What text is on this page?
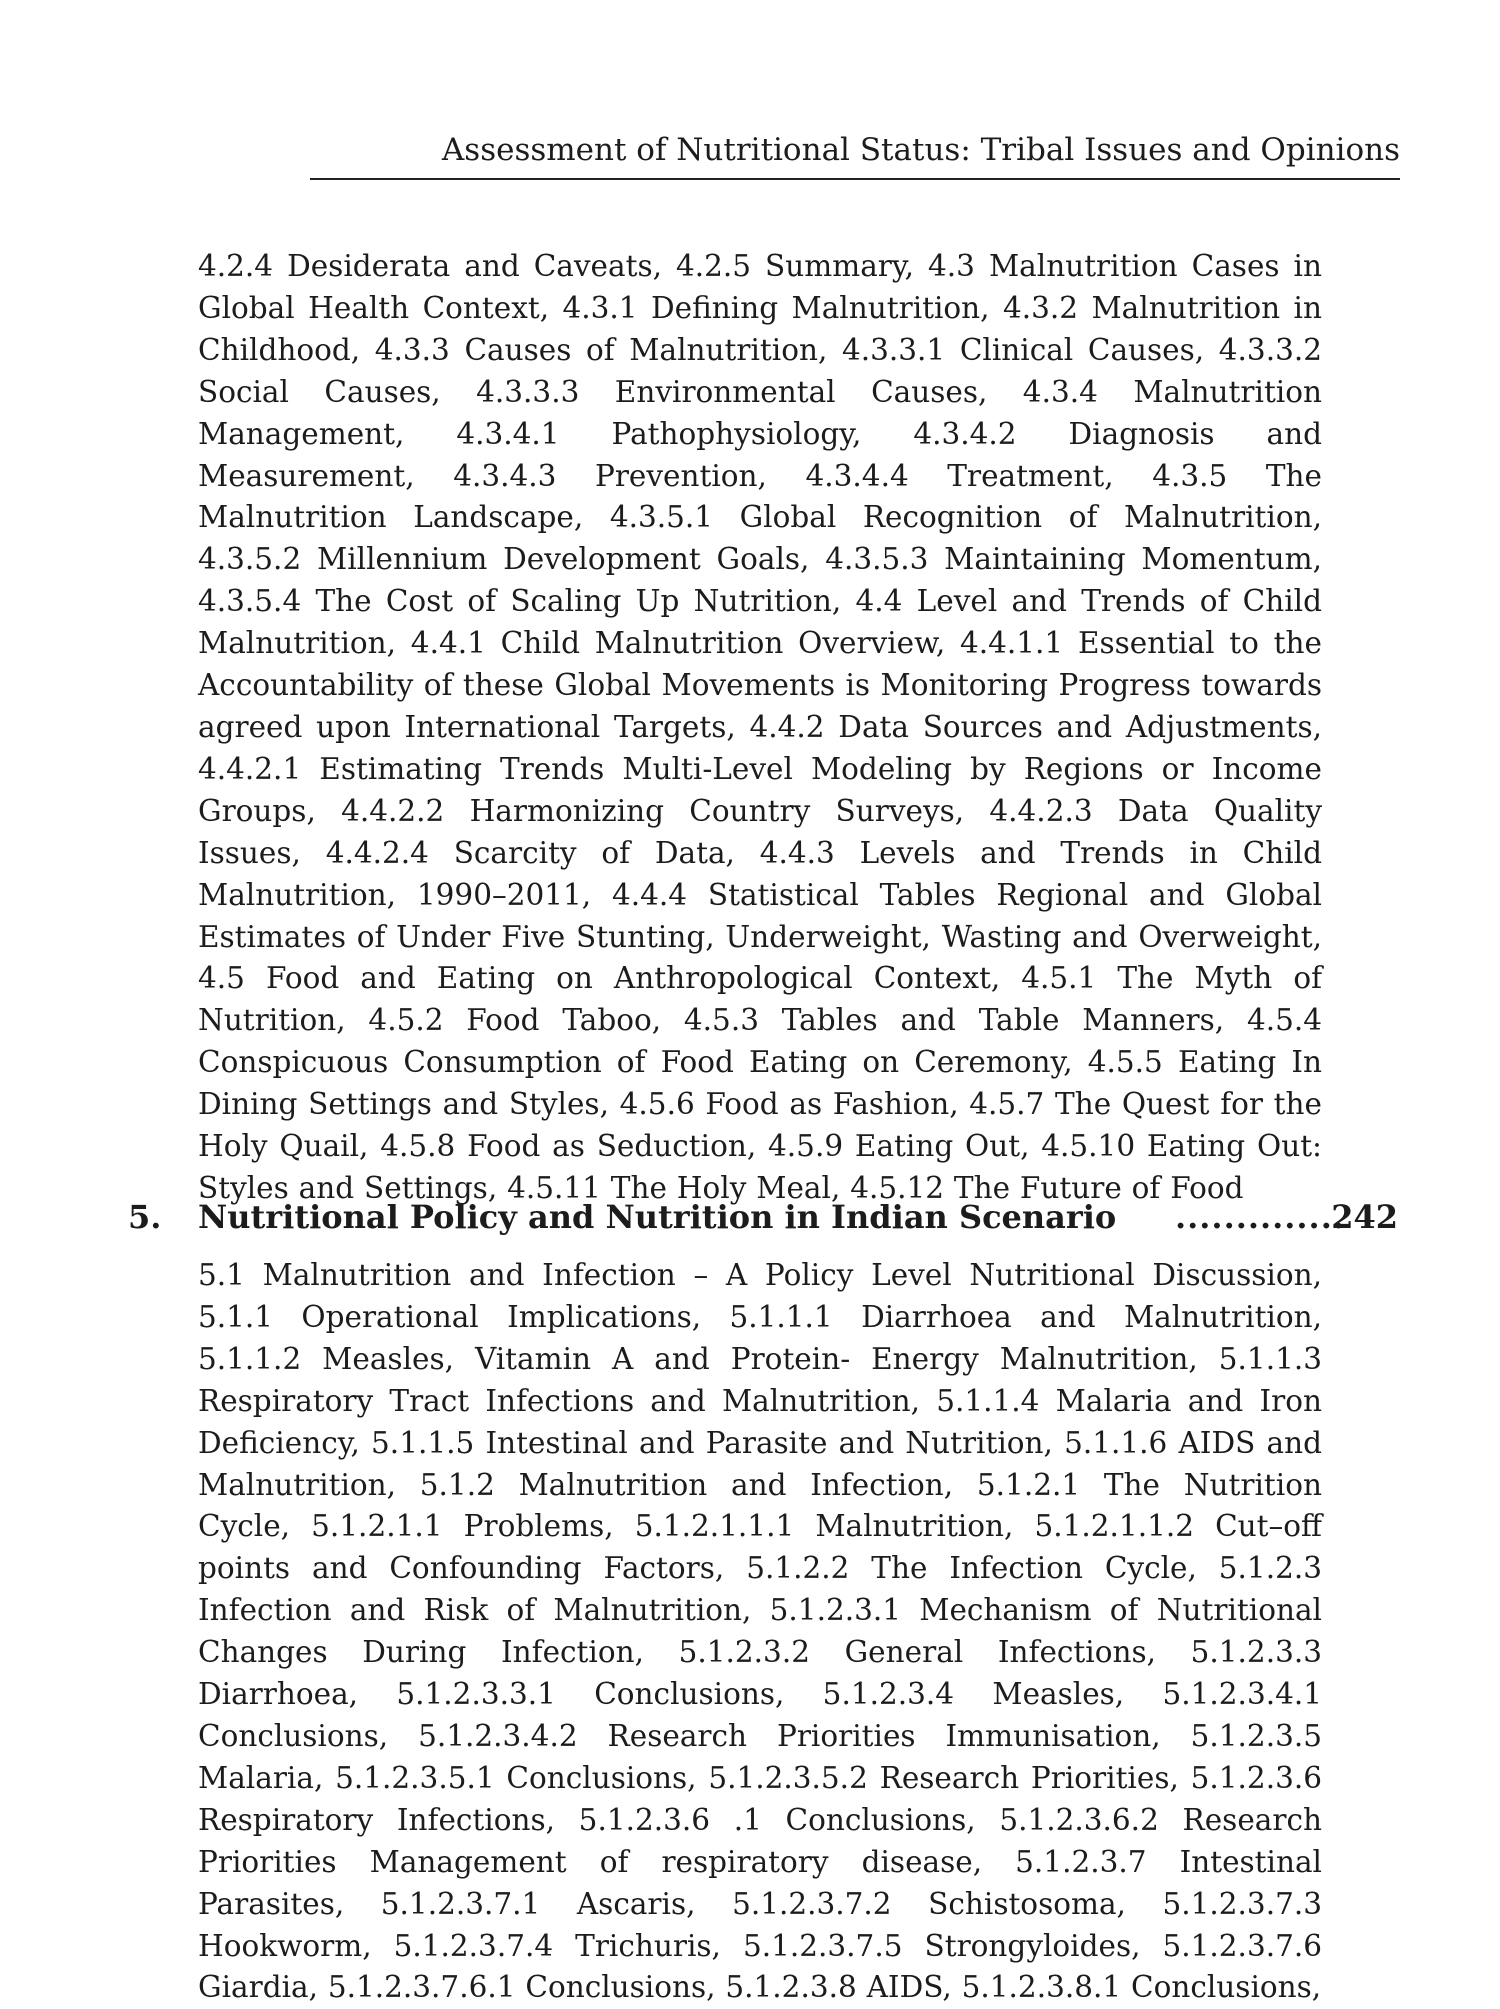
Assessment of Nutritional Status: Tribal Issues and Opinions

4.2.4 Desiderata and Caveats, 4.2.5 Summary, 4.3 Malnutrition Cases in Global Health Context, 4.3.1 Defining Malnutrition, 4.3.2 Malnutrition in Childhood, 4.3.3 Causes of Malnutrition, 4.3.3.1 Clinical Causes, 4.3.3.2 Social Causes, 4.3.3.3 Environmental Causes, 4.3.4 Malnutrition Management, 4.3.4.1 Pathophysiology, 4.3.4.2 Diagnosis and Measurement, 4.3.4.3 Prevention, 4.3.4.4 Treatment, 4.3.5 The Malnutrition Landscape, 4.3.5.1 Global Recognition of Malnutrition, 4.3.5.2 Millennium Development Goals, 4.3.5.3 Maintaining Momentum, 4.3.5.4 The Cost of Scaling Up Nutrition, 4.4 Level and Trends of Child Malnutrition, 4.4.1 Child Malnutrition Overview, 4.4.1.1 Essential to the Accountability of these Global Movements is Monitoring Progress towards agreed upon International Targets, 4.4.2 Data Sources and Adjustments, 4.4.2.1 Estimating Trends Multi-Level Modeling by Regions or Income Groups, 4.4.2.2 Harmonizing Country Surveys, 4.4.2.3 Data Quality Issues, 4.4.2.4 Scarcity of Data, 4.4.3 Levels and Trends in Child Malnutrition, 1990–2011, 4.4.4 Statistical Tables Regional and Global Estimates of Under Five Stunting, Underweight, Wasting and Overweight, 4.5 Food and Eating on Anthropological Context, 4.5.1 The Myth of Nutrition, 4.5.2 Food Taboo, 4.5.3 Tables and Table Manners, 4.5.4 Conspicuous Consumption of Food Eating on Ceremony, 4.5.5 Eating In Dining Settings and Styles, 4.5.6 Food as Fashion, 4.5.7 The Quest for the Holy Quail, 4.5.8 Food as Seduction, 4.5.9 Eating Out, 4.5.10 Eating Out: Styles and Settings, 4.5.11 The Holy Meal, 4.5.12 The Future of Food

5. Nutritional Policy and Nutrition in Indian Scenario ..............
242

5.1 Malnutrition and Infection – A Policy Level Nutritional Discussion, 5.1.1 Operational Implications, 5.1.1.1 Diarrhoea and Malnutrition, 5.1.1.2 Measles, Vitamin A and Protein- Energy Malnutrition, 5.1.1.3 Respiratory Tract Infections and Malnutrition, 5.1.1.4 Malaria and Iron Deficiency, 5.1.1.5 Intestinal and Parasite and Nutrition, 5.1.1.6 AIDS and Malnutrition, 5.1.2 Malnutrition and Infection, 5.1.2.1 The Nutrition Cycle, 5.1.2.1.1 Problems, 5.1.2.1.1.1 Malnutrition, 5.1.2.1.1.2 Cut–off points and Confounding Factors, 5.1.2.2 The Infection Cycle, 5.1.2.3 Infection and Risk of Malnutrition, 5.1.2.3.1 Mechanism of Nutritional Changes During Infection, 5.1.2.3.2 General Infections, 5.1.2.3.3 Diarrhoea, 5.1.2.3.3.1 Conclusions, 5.1.2.3.4 Measles, 5.1.2.3.4.1 Conclusions, 5.1.2.3.4.2 Research Priorities Immunisation, 5.1.2.3.5 Malaria, 5.1.2.3.5.1 Conclusions, 5.1.2.3.5.2 Research Priorities, 5.1.2.3.6 Respiratory Infections, 5.1.2.3.6 .1 Conclusions, 5.1.2.3.6.2 Research Priorities Management of respiratory disease, 5.1.2.3.7 Intestinal Parasites, 5.1.2.3.7.1 Ascaris, 5.1.2.3.7.2 Schistosoma, 5.1.2.3.7.3 Hookworm, 5.1.2.3.7.4 Trichuris, 5.1.2.3.7.5 Strongyloides, 5.1.2.3.7.6 Giardia, 5.1.2.3.7.6.1 Conclusions, 5.1.2.3.8 AIDS, 5.1.2.3.8.1 Conclusions,
